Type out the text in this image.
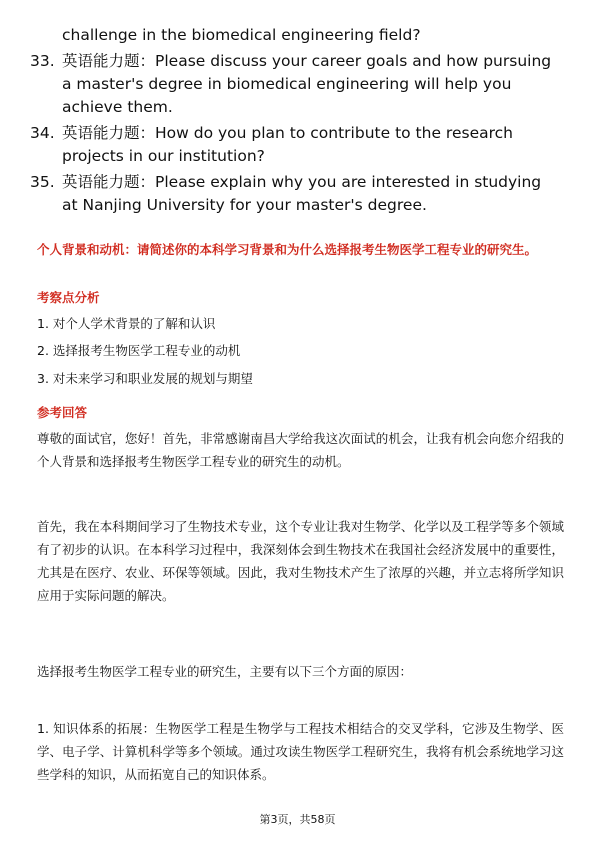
challenge in the biomedical engineering field?
33. 英语能力题：Please discuss your career goals and how pursuing a master's degree in biomedical engineering will help you achieve them.
34. 英语能力题：How do you plan to contribute to the research projects in our institution?
35. 英语能力题：Please explain why you are interested in studying at Nanjing University for your master's degree.
个人背景和动机：请简述你的本科学习背景和为什么选择报考生物医学工程专业的研究生。
考察点分析
1. 对个人学术背景的了解和认识
2. 选择报考生物医学工程专业的动机
3. 对未来学习和职业发展的规划与期望
参考回答
尊敬的面试官，您好！首先，非常感谢南昌大学给我这次面试的机会，让我有机会向您介绍我的个人背景和选择报考生物医学工程专业的研究生的动机。
首先，我在本科期间学习了生物技术专业，这个专业让我对生物学、化学以及工程学等多个领域有了初步的认识。在本科学习过程中，我深刻体会到生物技术在我国社会经济发展中的重要性，尤其是在医疗、农业、环保等领域。因此，我对生物技术产生了浓厚的兴趣，并立志将所学知识应用于实际问题的解决。
选择报考生物医学工程专业的研究生，主要有以下三个方面的原因：
1. 知识体系的拓展：生物医学工程是生物学与工程技术相结合的交叉学科，它涉及生物学、医学、电子学、计算机科学等多个领域。通过攻读生物医学工程研究生，我将有机会系统地学习这些学科的知识，从而拓宽自己的知识体系。
第3页，共58页
